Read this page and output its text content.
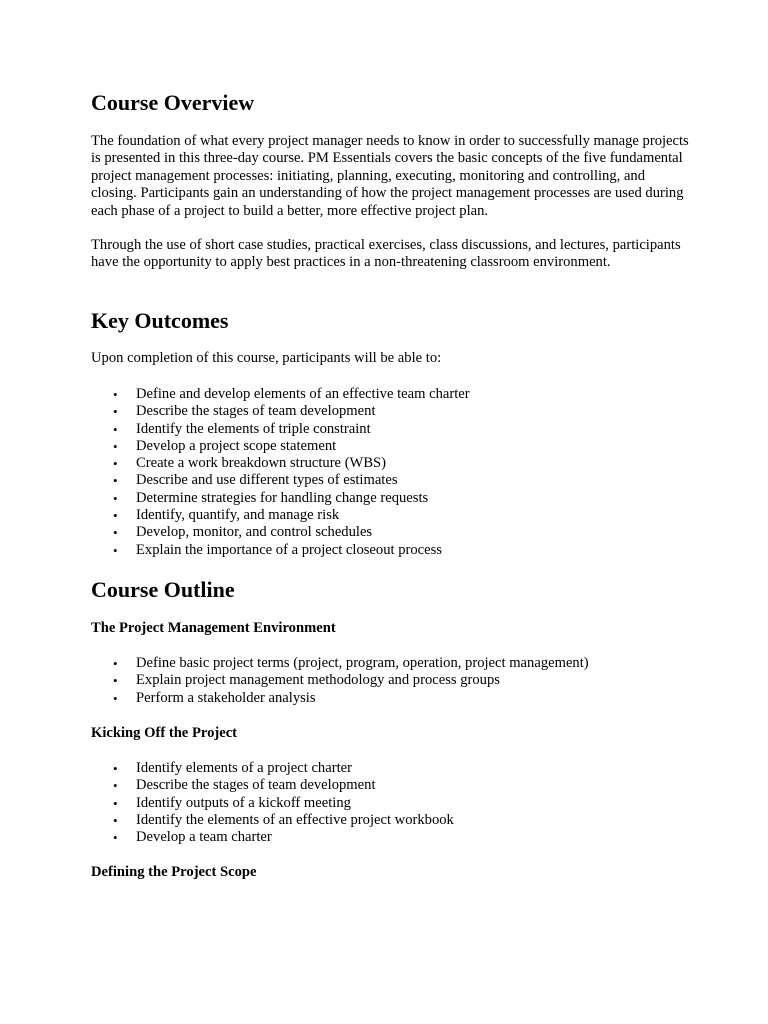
Course Overview

The foundation of what every project manager needs to know in order to successfully manage projects is presented in this three-day course. PM Essentials covers the basic concepts of the five fundamental project management processes: initiating, planning, executing, monitoring and controlling, and closing. Participants gain an understanding of how the project management processes are used during each phase of a project to build a better, more effective project plan.

Through the use of short case studies, practical exercises, class discussions, and lectures, participants have the opportunity to apply best practices in a non-threatening classroom environment.

Key Outcomes

Upon completion of this course, participants will be able to:

• Define and develop elements of an effective team charter
• Describe the stages of team development
• Identify the elements of triple constraint
• Develop a project scope statement
• Create a work breakdown structure (WBS)
• Describe and use different types of estimates
• Determine strategies for handling change requests
• Identify, quantify, and manage risk
• Develop, monitor, and control schedules
• Explain the importance of a project closeout process
Course Outline

The Project Management Environment

• Define basic project terms (project, program, operation, project management)
• Explain project management methodology and process groups
• Perform a stakeholder analysis

Kicking Off the Project

• Identify elements of a project charter
• Describe the stages of team development
• Identify outputs of a kickoff meeting
• Identify the elements of an effective project workbook
• Develop a team charter

Defining the Project Scope
